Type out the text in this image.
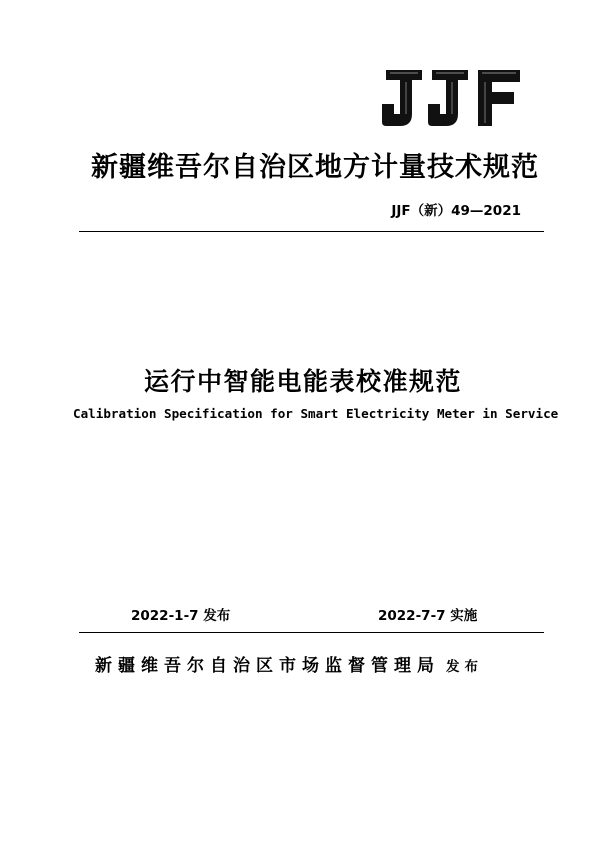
新疆维吾尔自治区地方计量技术规范
JJF（新）49—2021
运行中智能电能表校准规范
Calibration Specification for Smart Electricity Meter in Service
2022-1-7 发布	2022-7-7 实施
新疆维吾尔自治区市场监督管理局 发布
